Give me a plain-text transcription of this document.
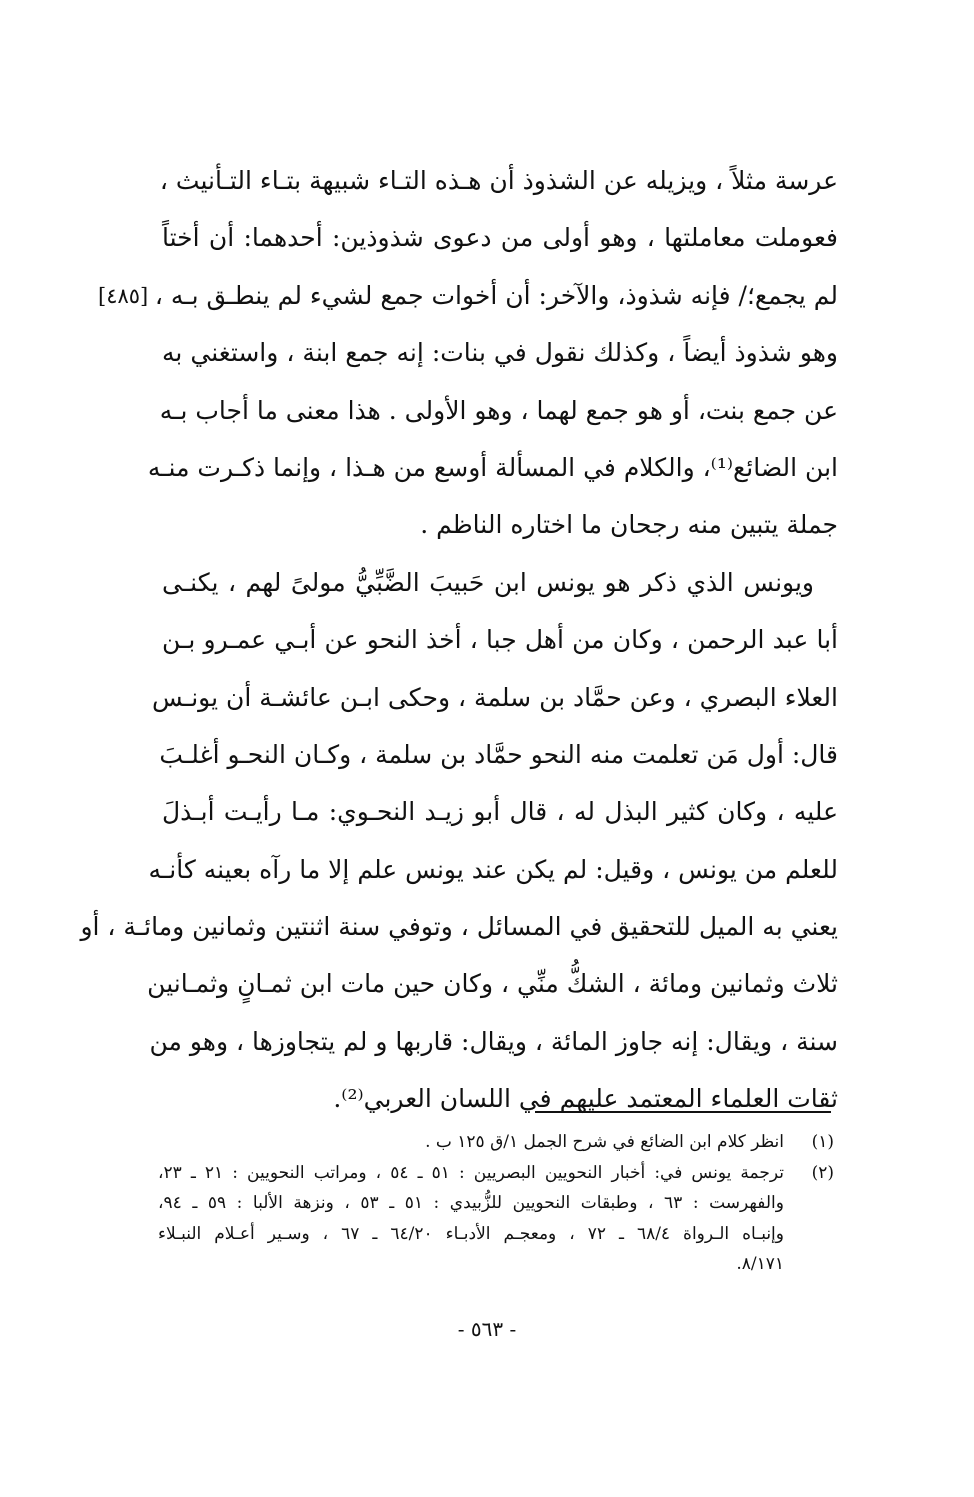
عرسة مثلاً ، ويزيله عن الشذوذ أن هـذه التـاء شبيهة بتـاء التـأنيث ،
فعوملت معاملتها ، وهو أولى من دعوى شذوذين: أحدهما: أن أختاً
لم يجمع؛/ فإنه شذوذ، والآخر: أن أخوات جمع لشيء لم ينطـق بـه ،
وهو شذوذ أيضاً ، وكذلك نقول في بنات: إنه جمع ابنة ، واستغني به
عن جمع بنت، أو هو جمع لهما ، وهو الأولى . هذا معنى ما أجاب بـه
ابن الضائع⁽¹⁾، والكلام في المسألة أوسع من هـذا ، وإنما ذكـرت منـه
جملة يتبين منه رجحان ما اختاره الناظم .
ويونس الذي ذكر هو يونس ابن حَبيبَ الضَّبِّيُّ مولىً لهم ، يكنـى
أبا عبد الرحمن ، وكان من أهل جبا ، أخذ النحو عن أبـي عمـرو بـن
العلاء البصري ، وعن حمَّاد بن سلمة ، وحكى ابـن عائشـة أن يونـس
قال: أول مَن تعلمت منه النحو حمَّاد بن سلمة ، وكـان النحـو أغلـبَ
عليه ، وكان كثير البذل له ، قال أبو زيـد النحـوي: مـا رأيـت أبـذلَ
للعلم من يونس ، وقيل: لم يكن عند يونس علم إلا ما رآه بعينه كأنـه
يعني به الميل للتحقيق في المسائل ، وتوفي سنة اثنتين وثمانين ومائـة ، أو
ثلاث وثمانين ومائة ، الشكُّ منِّي ، وكان حين مات ابن ثمـانٍ وثمـانين
سنة ، ويقال: إنه جاوز المائة ، ويقال: قاربها و لم يتجاوزها ، وهو من
ثقات العلماء المعتمد عليهم في اللسان العربي⁽²⁾.
[٤٨٥]
(١)
انظر كلام ابن الضائع في شرح الجمل ١/ق ١٢٥ ب .
(٢)
ترجمة يونس في: أخبار النحويين البصريين : ٥١ ـ ٥٤ ، ومراتب النحويين : ٢١ ـ ٢٣،
والفهرست : ٦٣ ، وطبقات النحويين للزُّبيدي : ٥١ ـ ٥٣ ، ونزهة الألبا : ٥٩ ـ ٩٤،
وإنبـاه الـرواة ٦٨/٤ ـ ٧٢ ، ومعجـم الأدبـاء ٦٤/٢٠ ـ ٦٧ ، وسـير أعـلام النبـلاء
٨/١٧١.
- ٥٦٣ -
